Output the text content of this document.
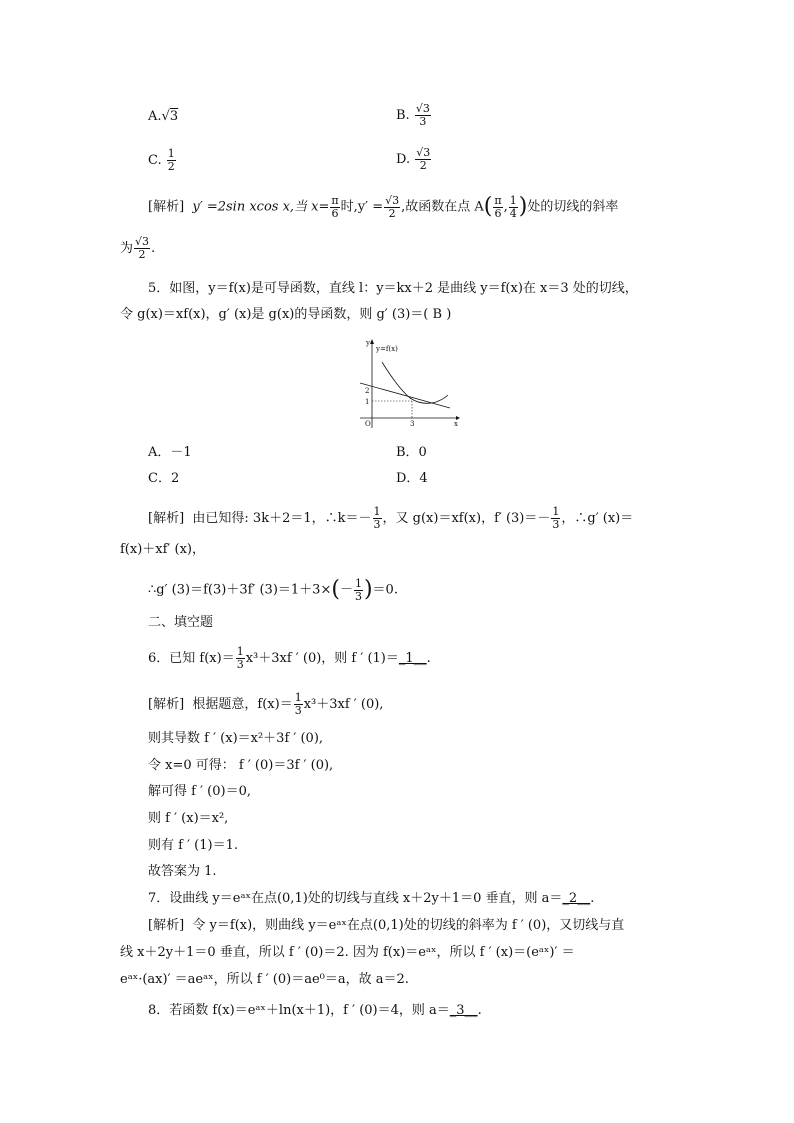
A.√3	B. $\frac{√3}{3}$
C. $\frac{1}{2}$	D. $\frac{√3}{2}$
[解析] y′ =2sin xcos x,当 $x= \frac{\pi}{6}$ 时$,y' = \frac{√3}{2}$ ,故函数在点 $A( \frac{\pi}{6}$ , $\frac{1}{4}$ )处的切线的斜率
为 $\frac{√3}{2}$ .
5．如图，y＝f(x)是可导函数，直线 l：y＝kx＋2 是曲线 y＝f(x)在 x＝3 处的切线，
令 g(x)＝xf(x)，g′ (x)是 g(x)的导函数，则 g′ (3)＝( B )
y=f(x)
y
x
O
2
1
3
A．－1	B．0
C．2	D．4
[解析] 由已知得: 3k＋2＝1，∴k＝－ $\frac{1}{3}$ ，又 g(x)＝xf(x)，f′ $(3)=- \frac{1}{3}$ ，∴g′ (x)＝
f(x)＋xf′ (x)，
∴g′ (3)＝f(3)＋3f′ $(3)=1+3\times(- \frac{1}{3} )=0$.
二、填空题
6．已知 $f(x)= \frac{1}{3} x^3+3xf$ ′ (0)，则 f ′ (1)＝_1__.
[解析] 根据题意，$f(x)= \frac{1}{3} x^3+3xf$ ′ (0),
则其导数 f ′ (x)＝x²＋3f ′ (0),
令 x=0 可得： f ′ (0)＝3f ′ (0),
解可得 f ′ (0)＝0,
则 f ′ (x)＝x²,
则有 f ′ (1)＝1.
故答案为 1.
7．设曲线 y＝eᵃˣ在点(0,1)处的切线与直线 x＋2y＋1＝0 垂直，则 a＝_2__.
[解析] 令 y＝f(x)，则曲线 y＝eᵃˣ在点(0,1)处的切线的斜率为 f ′ (0)，又切线与直
线 x＋2y＋1＝0 垂直，所以 f ′ (0)＝2. 因为 f(x)＝eᵃˣ，所以 f ′ (x)＝(eᵃˣ)′ ＝
eᵃˣ·(ax)′ ＝aeᵃˣ，所以 f ′ (0)＝ae⁰＝a，故 a＝2.
8．若函数 f(x)＝eᵃˣ＋ln(x＋1)，f ′ (0)＝4，则 a＝_3__.
